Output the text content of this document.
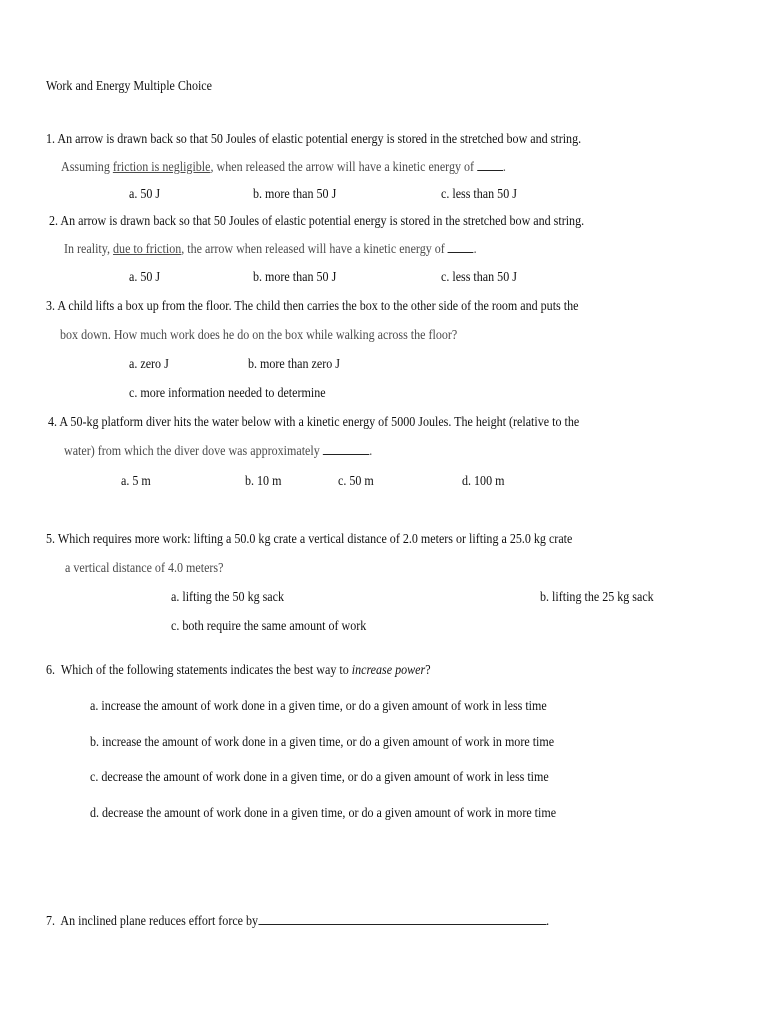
Work and Energy Multiple Choice
1. An arrow is drawn back so that 50 Joules of elastic potential energy is stored in the stretched bow and string.
Assuming friction is negligible, when released the arrow will have a kinetic energy of .
a. 50 J	b. more than 50 J	c. less than 50 J
2. An arrow is drawn back so that 50 Joules of elastic potential energy is stored in the stretched bow and string.
In reality, due to friction, the arrow when released will have a kinetic energy of .
a. 50 J	b. more than 50 J	c. less than 50 J
3. A child lifts a box up from the floor. The child then carries the box to the other side of the room and puts the
box down. How much work does he do on the box while walking across the floor?
a. zero J	b. more than zero J
c. more information needed to determine
4. A 50-kg platform diver hits the water below with a kinetic energy of 5000 Joules. The height (relative to the
water) from which the diver dove was approximately	.
a. 5 m	b. 10 m	c. 50 m	d. 100 m
5. Which requires more work: lifting a 50.0 kg crate a vertical distance of 2.0 meters or lifting a 25.0 kg crate
a vertical distance of 4.0 meters?
a. lifting the 50 kg sack	b. lifting the 25 kg sack
c. both require the same amount of work
6. Which of the following statements indicates the best way to increase power?
a. increase the amount of work done in a given time, or do a given amount of work in less time
b. increase the amount of work done in a given time, or do a given amount of work in more time
c. decrease the amount of work done in a given time, or do a given amount of work in less time
d. decrease the amount of work done in a given time, or do a given amount of work in more time
7. An inclined plane reduces effort force by	.
